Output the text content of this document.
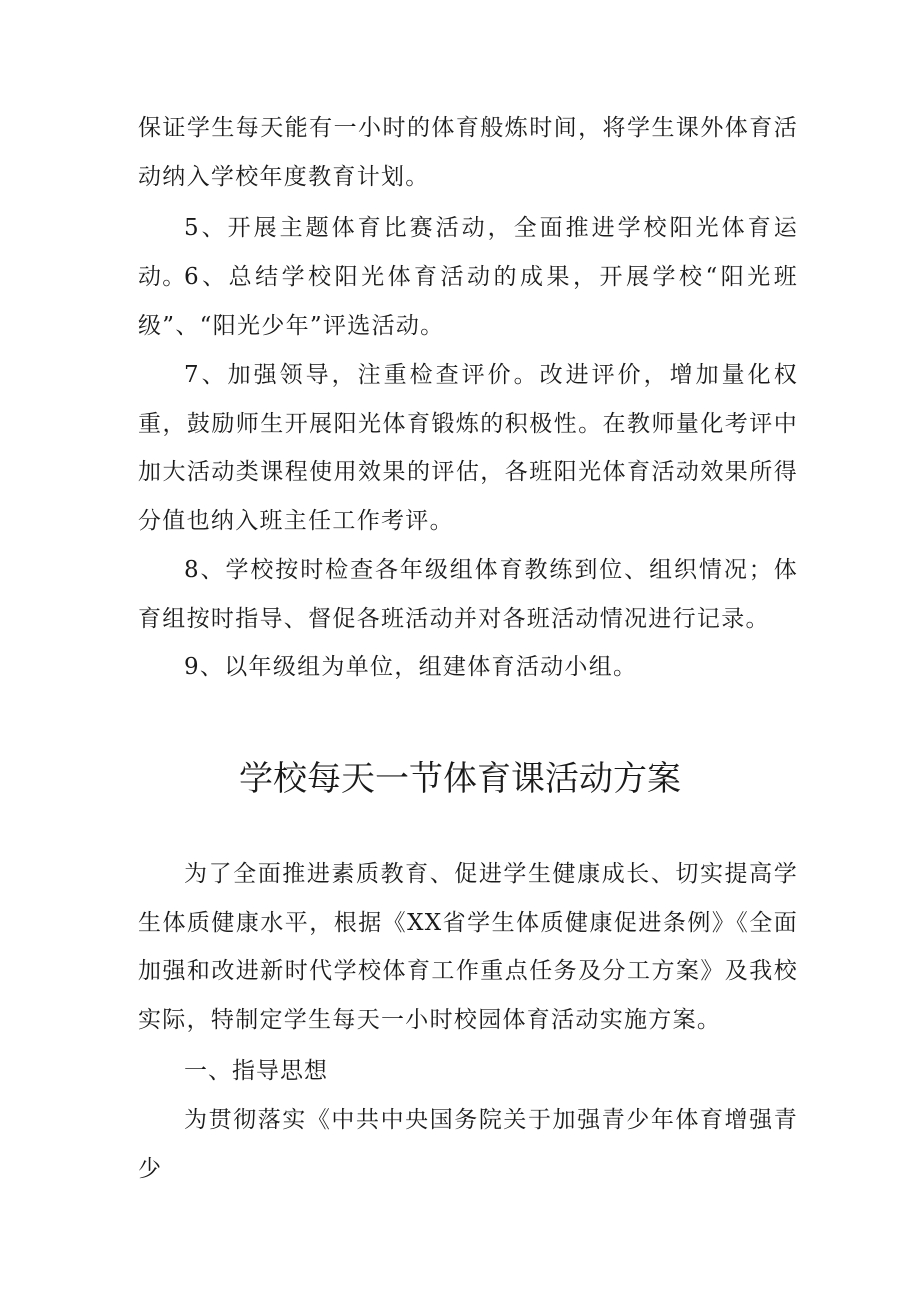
保证学生每天能有一小时的体育般炼时间，将学生课外体育活动纳入学校年度教育计划。

5、开展主题体育比赛活动，全面推进学校阳光体育运动。

6、总结学校阳光体育活动的成果，开展学校“阳光班级”、“阳光少年”评选活动。

7、加强领导，注重检查评价。改进评价，增加量化权重，鼓励师生开展阳光体育锻炼的积极性。在教师量化考评中加大活动类课程使用效果的评估，各班阳光体育活动效果所得分值也纳入班主任工作考评。

8、学校按时检查各年级组体育教练到位、组织情况；体育组按时指导、督促各班活动并对各班活动情况进行记录。

9、以年级组为单位，组建体育活动小组。

学校每天一节体育课活动方案

为了全面推进素质教育、促进学生健康成长、切实提高学生体质健康水平，根据《XX省学生体质健康促进条例》《全面加强和改进新时代学校体育工作重点任务及分工方案》及我校实际，特制定学生每天一小时校园体育活动实施方案。

一、指导思想

为贯彻落实《中共中央国务院关于加强青少年体育增强青少
